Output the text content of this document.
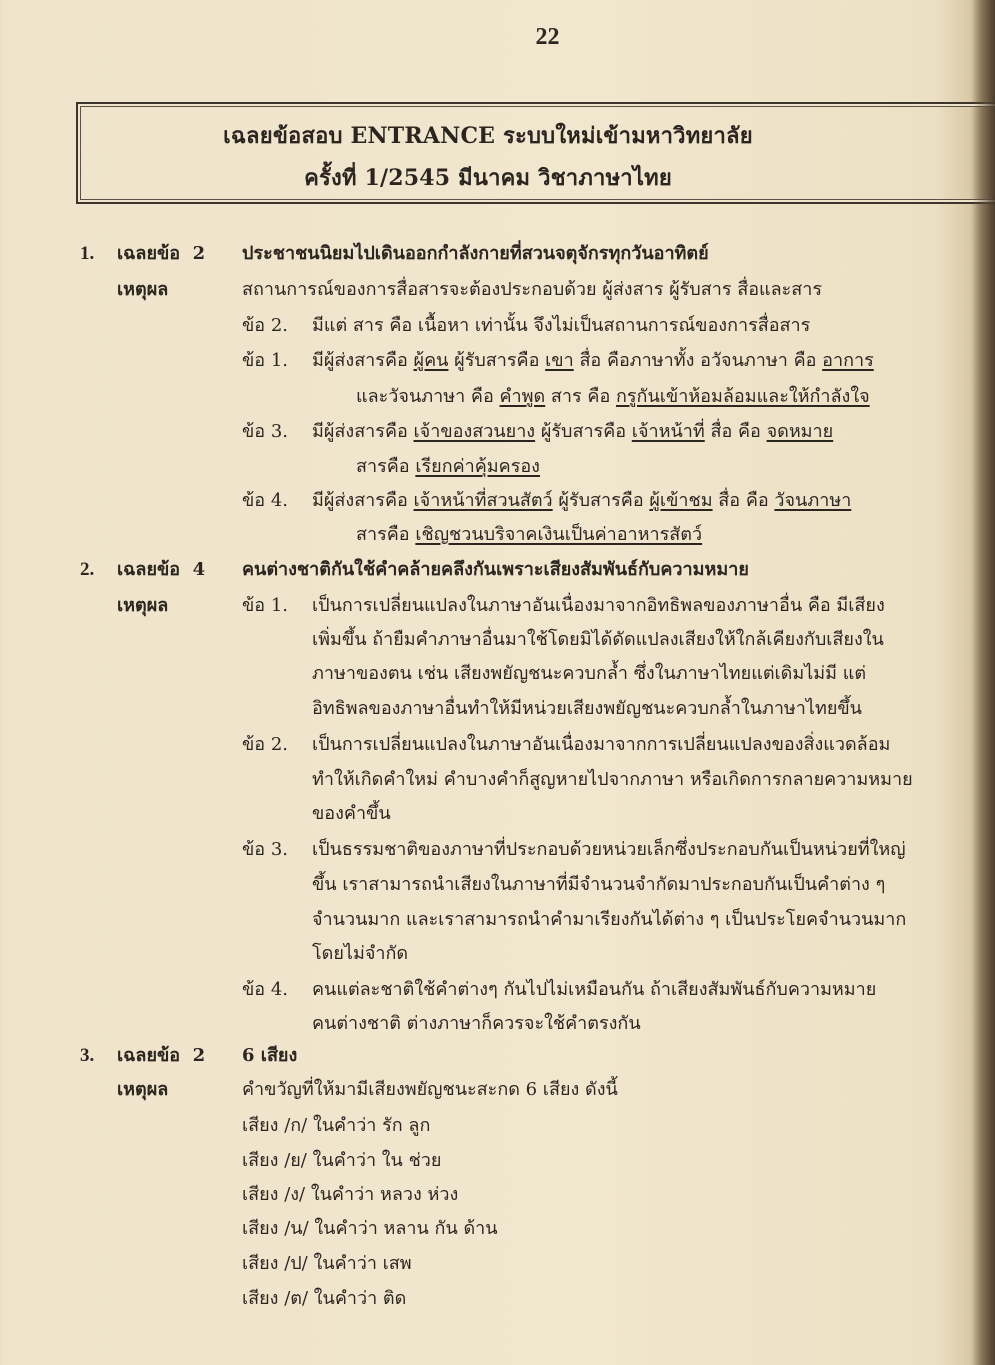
22
เฉลยข้อสอบ ENTRANCE ระบบใหม่เข้ามหาวิทยาลัย
ครั้งที่ 1/2545 มีนาคม วิชาภาษาไทย
1. เฉลยข้อ 2 ประชาชนนิยมไปเดินออกกำลังกายที่สวนจตุจักรทุกวันอาทิตย์
เหตุผล	สถานการณ์ของการสื่อสารจะต้องประกอบด้วย ผู้ส่งสาร ผู้รับสาร สื่อและสาร
ข้อ 2. มีแต่ สาร คือ เนื้อหา เท่านั้น จึงไม่เป็นสถานการณ์ของการสื่อสาร
ข้อ 1. มีผู้ส่งสารคือ ผู้คน ผู้รับสารคือ เขา สื่อ คือภาษาทั้ง อวัจนภาษา คือ อาการ
และวัจนภาษา คือ คำพูด สาร คือ กรูกันเข้าห้อมล้อมและให้กำลังใจ
ข้อ 3. มีผู้ส่งสารคือ เจ้าของสวนยาง ผู้รับสารคือ เจ้าหน้าที่ สื่อ คือ จดหมาย
สารคือ เรียกค่าคุ้มครอง
ข้อ 4. มีผู้ส่งสารคือ เจ้าหน้าที่สวนสัตว์ ผู้รับสารคือ ผู้เข้าชม สื่อ คือ วัจนภาษา
สารคือ เชิญชวนบริจาคเงินเป็นค่าอาหารสัตว์
2. เฉลยข้อ 4 คนต่างชาติกันใช้คำคล้ายคลึงกันเพราะเสียงสัมพันธ์กับความหมาย
เหตุผล	ข้อ 1. เป็นการเปลี่ยนแปลงในภาษาอันเนื่องมาจากอิทธิพลของภาษาอื่น คือ มีเสียง
เพิ่มขึ้น ถ้ายืมคำภาษาอื่นมาใช้โดยมิได้ดัดแปลงเสียงให้ใกล้เคียงกับเสียงใน
ภาษาของตน เช่น เสียงพยัญชนะควบกล้ำ ซึ่งในภาษาไทยแต่เดิมไม่มี แต่
อิทธิพลของภาษาอื่นทำให้มีหน่วยเสียงพยัญชนะควบกล้ำในภาษาไทยขึ้น
ข้อ 2. เป็นการเปลี่ยนแปลงในภาษาอันเนื่องมาจากการเปลี่ยนแปลงของสิ่งแวดล้อม
ทำให้เกิดคำใหม่ คำบางคำก็สูญหายไปจากภาษา หรือเกิดการกลายความหมาย
ของคำขึ้น
ข้อ 3. เป็นธรรมชาติของภาษาที่ประกอบด้วยหน่วยเล็กซึ่งประกอบกันเป็นหน่วยที่ใหญ่
ขึ้น เราสามารถนำเสียงในภาษาที่มีจำนวนจำกัดมาประกอบกันเป็นคำต่าง ๆ
จำนวนมาก และเราสามารถนำคำมาเรียงกันได้ต่าง ๆ เป็นประโยคจำนวนมาก
โดยไม่จำกัด
ข้อ 4. คนแต่ละชาติใช้คำต่างๆ กันไปไม่เหมือนกัน ถ้าเสียงสัมพันธ์กับความหมาย
คนต่างชาติ ต่างภาษาก็ควรจะใช้คำตรงกัน
3. เฉลยข้อ 2 6 เสียง
เหตุผล	คำขวัญที่ให้มามีเสียงพยัญชนะสะกด 6 เสียง ดังนี้
เสียง /ก/ ในคำว่า รัก ลูก
เสียง /ย/ ในคำว่า ใน ช่วย
เสียง /ง/ ในคำว่า หลวง ห่วง
เสียง /น/ ในคำว่า หลาน กัน ด้าน
เสียง /ป/ ในคำว่า เสพ
เสียง /ต/ ในคำว่า ติด
